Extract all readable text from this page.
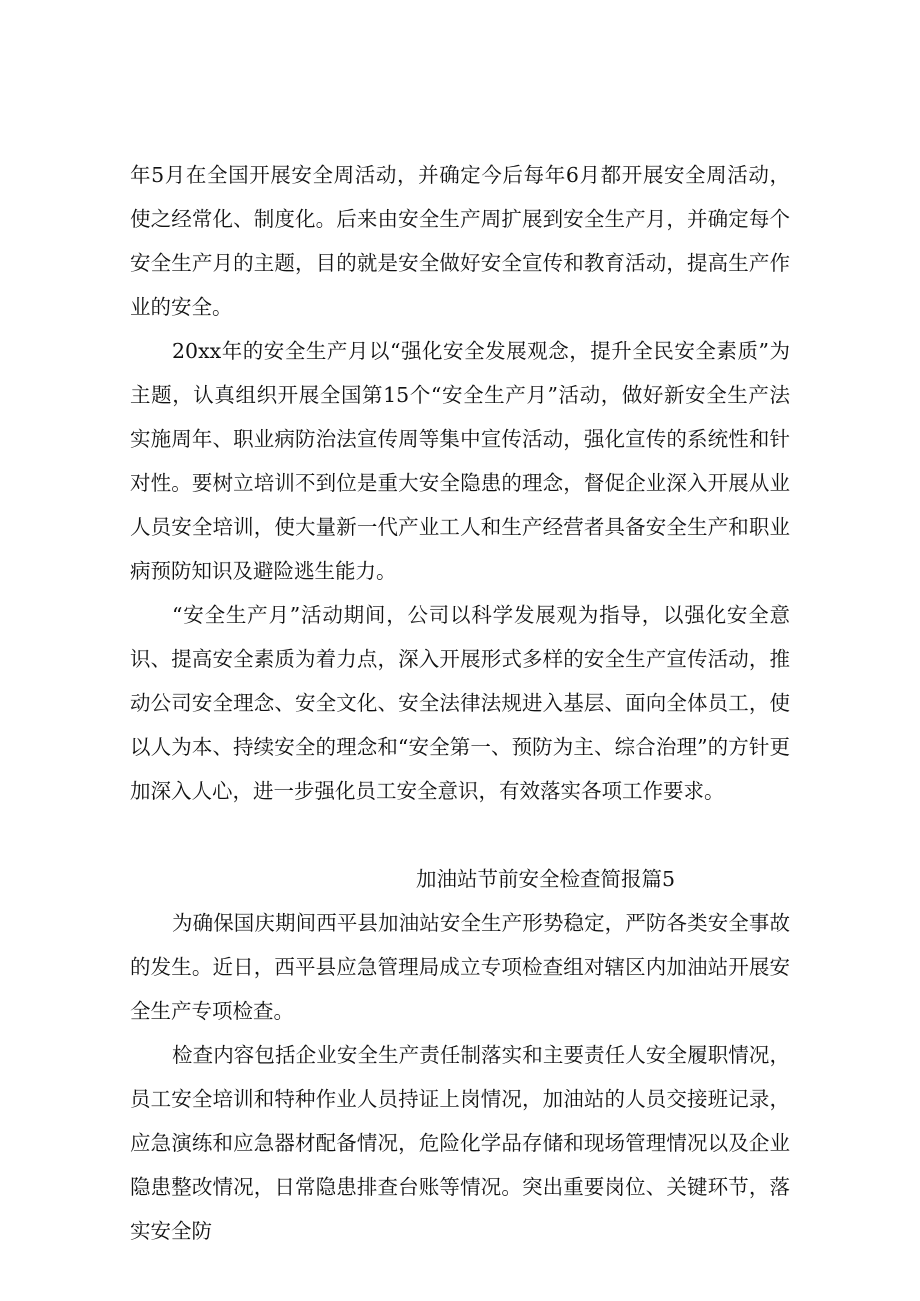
年5月在全国开展安全周活动，并确定今后每年6月都开展安全周活动，使之经常化、制度化。后来由安全生产周扩展到安全生产月，并确定每个安全生产月的主题，目的就是安全做好安全宣传和教育活动，提高生产作业的安全。

20xx年的安全生产月以“强化安全发展观念，提升全民安全素质”为主题，认真组织开展全国第15个“安全生产月”活动，做好新安全生产法实施周年、职业病防治法宣传周等集中宣传活动，强化宣传的系统性和针对性。要树立培训不到位是重大安全隐患的理念，督促企业深入开展从业人员安全培训，使大量新一代产业工人和生产经营者具备安全生产和职业病预防知识及避险逃生能力。

“安全生产月”活动期间，公司以科学发展观为指导，以强化安全意识、提高安全素质为着力点，深入开展形式多样的安全生产宣传活动，推动公司安全理念、安全文化、安全法律法规进入基层、面向全体员工，使以人为本、持续安全的理念和“安全第一、预防为主、综合治理”的方针更加深入人心，进一步强化员工安全意识，有效落实各项工作要求。

加油站节前安全检查简报篇5

为确保国庆期间西平县加油站安全生产形势稳定，严防各类安全事故的发生。近日，西平县应急管理局成立专项检查组对辖区内加油站开展安全生产专项检查。

检查内容包括企业安全生产责任制落实和主要责任人安全履职情况，员工安全培训和特种作业人员持证上岗情况，加油站的人员交接班记录，应急演练和应急器材配备情况，危险化学品存储和现场管理情况以及企业隐患整改情况，日常隐患排查台账等情况。突出重要岗位、关键环节，落实安全防
